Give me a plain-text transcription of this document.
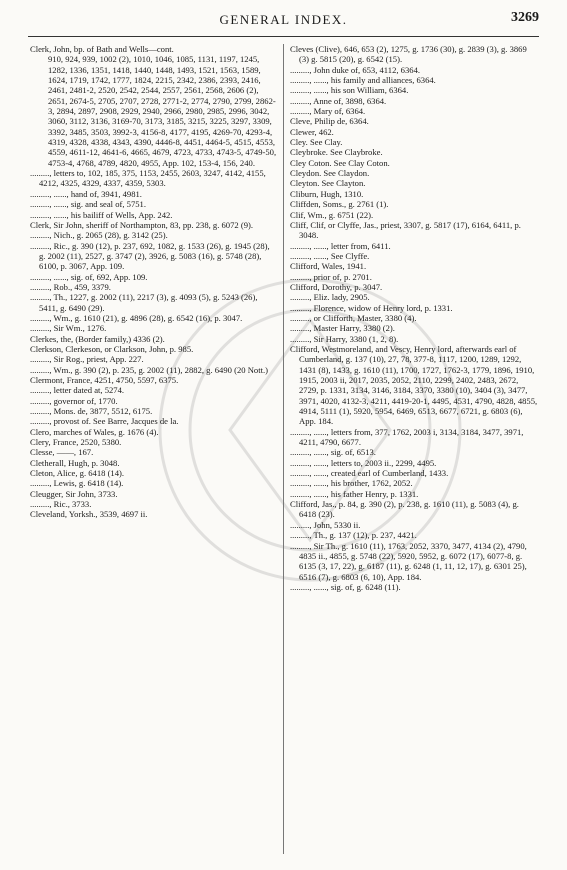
GENERAL INDEX.	3269

Clerk, John, bp. of Bath and Wells—cont.

910, 924, 939, 1002 (2), 1010, 1046, 1085, 1131, 1197, 1245, 1282, 1336, 1351, 1418, 1440, 1448, 1493, 1521, 1563, 1589, 1624, 1719, 1742, 1777, 1824, 2215, 2342, 2386, 2393, 2416, 2461, 2481-2, 2520, 2542, 2544, 2557, 2561, 2568, 2606 (2), 2651, 2674-5, 2705, 2707, 2728, 2771-2, 2774, 2790, 2799, 2862-3, 2894, 2897, 2908, 2929, 2940, 2966, 2980, 2985, 2996, 3042, 3060, 3112, 3136, 3169-70, 3173, 3185, 3215, 3225, 3297, 3309, 3392, 3485, 3503, 3992-3, 4156-8, 4177, 4195, 4269-70, 4293-4, 4319, 4328, 4338, 4343, 4390, 4446-8, 4451, 4464-5, 4515, 4553, 4559, 4611-12, 4641-6, 4665, 4679, 4723, 4733, 4743-5, 4749-50, 4753-4, 4768, 4789, 4820, 4955, App. 102, 153-4, 156, 240.

........., letters to, 102, 185, 375, 1153, 2455, 2603, 3247, 4142, 4155, 4212, 4325, 4329, 4337, 4359, 5303.

........., ......, hand of, 3941, 4981.

........., ......, sig. and seal of, 5751.

........., ......, his bailiff of Wells, App. 242.

Clerk, Sir John, sheriff of Northampton, 83, pp. 238, g. 6072 (9).

........., Nich., g. 2065 (28), g. 3142 (25).

........., Ric., g. 390 (12), p. 237, 692, 1082, g. 1533 (26), g. 1945 (28), g. 2002 (11), 2527, g. 3747 (2), 3926, g. 5083 (16), g. 5748 (28), 6100, p. 3067, App. 109.

........., ......, sig. of, 692, App. 109.

........., Rob., 459, 3379.

........., Th., 1227, g. 2002 (11), 2217 (3), g. 4093 (5), g. 5243 (26), 5411, g. 6490 (29).

........., Wm., g. 1610 (21), g. 4896 (28), g. 6542 (16), p. 3047.

........., Sir Wm., 1276.

Clerkes, the, (Border family,) 4336 (2).

Clerkson, Clerkeson, or Clarkson, John, p. 985.

........., Sir Rog., priest, App. 227.

........., Wm., g. 390 (2), p. 235, g. 2002 (11), 2882, g. 6490 (20 Nott.)

Clermont, France, 4251, 4750, 5597, 6375.

........., letter dated at, 5274.

........., governor of, 1770.

........., Mons. de, 3877, 5512, 6175.

........., provost of. See Barre, Jacques de la.

Clero, marches of Wales, g. 1676 (4).

Clery, France, 2520, 5380.

Clesse, ——, 167.

Cletherall, Hugh, p. 3048.

Cleton, Alice, g. 6418 (14).

........., Lewis, g. 6418 (14).

Cleugger, Sir John, 3733.

........., Ric., 3733.

Cleveland, Yorksh., 3539, 4697 ii.

Cleves (Clive), 646, 653 (2), 1275, g. 1736 (30), g. 2839 (3), g. 3869 (3) g. 5815 (20), g. 6542 (15).

........., John duke of, 653, 4112, 6364.

........., ......, his family and alliances, 6364.

........., ......, his son William, 6364.

........., Anne of, 3898, 6364.

........., Mary of, 6364.

Cleve, Philip de, 6364.

Clewer, 462.

Cley. See Clay.

Cleybroke. See Claybroke.

Cley Coton. See Clay Coton.

Cleydon. See Claydon.

Cleyton. See Clayton.

Cliburn, Hugh, 1310.

Cliffden, Soms., g. 2761 (1).

Clif, Wm., g. 6751 (22).

Cliff, Clif, or Clyffe, Jas., priest, 3307, g. 5817 (17), 6164, 6411, p. 3048.

........., ......, letter from, 6411.

........., ......, See Clyffe.

Clifford, Wales, 1941.

........., prior of, p. 2701.

Clifford, Dorothy, p. 3047.

........., Eliz. lady, 2905.

........., Florence, widow of Henry lord, p. 1331.

........., or Clifforth, Master, 3380 (4).

........., Master Harry, 3380 (2).

........., Sir Harry, 3380 (1, 2, 8).

Clifford, Westmoreland, and Vescy, Henry lord, afterwards earl of Cumberland, g. 137 (10), 27, 78, 377-8, 1117, 1200, 1289, 1292, 1431 (8), 1433, g. 1610 (11), 1700, 1727, 1762-3, 1779, 1896, 1910, 1915, 2003 ii, 2017, 2035, 2052, 2110, 2299, 2402, 2483, 2672, 2729, p. 1331, 3134, 3146, 3184, 3370, 3380 (10), 3404 (3), 3477, 3971, 4020, 4132-3, 4211, 4419-20-1, 4495, 4531, 4790, 4828, 4855, 4914, 5111 (1), 5920, 5954, 6469, 6513, 6677, 6721, g. 6803 (6), App. 184.

........., ......, letters from, 377, 1762, 2003 i, 3134, 3184, 3477, 3971, 4211, 4790, 6677.

........., ......, sig. of, 6513.

........., ......, letters to, 2003 ii., 2299, 4495.

........., ......, created earl of Cumberland, 1433.

........., ......, his brother, 1762, 2052.

........., ......, his father Henry, p. 1331.

Clifford, Jas., p. 84, g. 390 (2), p. 238, g. 1610 (11), g. 5083 (4), g. 6418 (23).

........., John, 5330 ii.

........., Th., g. 137 (12), p. 237, 4421.

........., Sir Th., g. 1610 (11), 1763, 2052, 3370, 3477, 4134 (2), 4790, 4835 ii., 4855, g. 5748 (22), 5920, 5952, g. 6072 (17), 6077-8, g. 6135 (3, 17, 22), g. 6187 (11), g. 6248 (1, 11, 12, 17), g. 6301 25), 6516 (7), g. 6803 (6, 10), App. 184.

........., ......, sig. of, g. 6248 (11).
